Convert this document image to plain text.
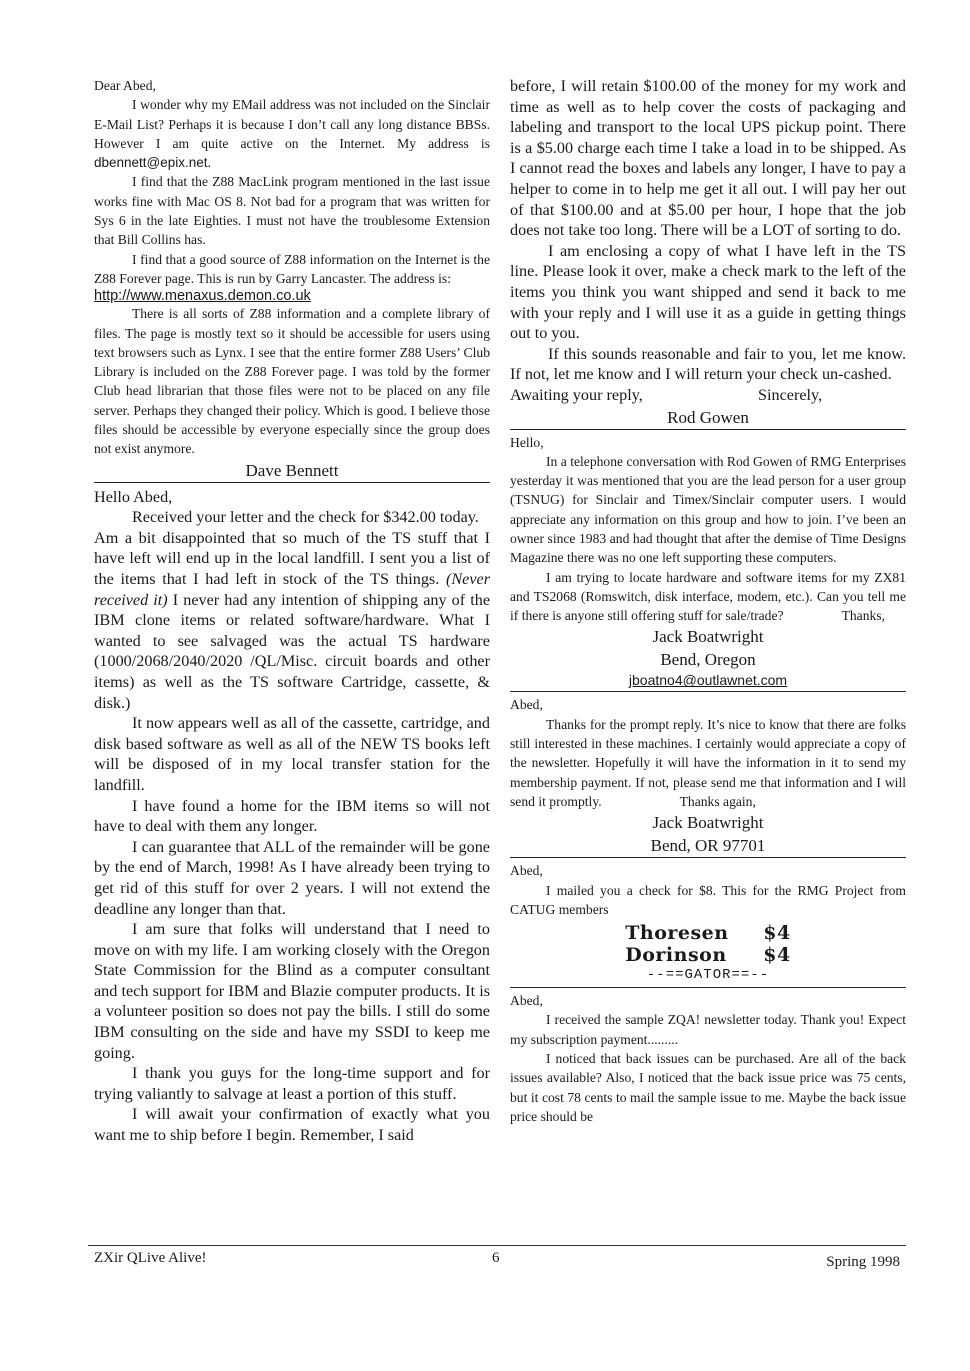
Dear Abed,

I wonder why my EMail address was not included on the Sinclair E-Mail List? Perhaps it is because I don’t call any long distance BBSs. However I am quite active on the Internet. My address is dbennett@epix.net.

I find that the Z88 MacLink program mentioned in the last issue works fine with Mac OS 8. Not bad for a program that was written for Sys 6 in the late Eighties. I must not have the troublesome Extension that Bill Collins has.

I find that a good source of Z88 information on the Internet is the Z88 Forever page. This is run by Garry Lancaster. The address is:

http://www.menaxus.demon.co.uk

There is all sorts of Z88 information and a complete library of files. The page is mostly text so it should be accessible for users using text browsers such as Lynx. I see that the entire former Z88 Users’ Club Library is included on the Z88 Forever page. I was told by the former Club head librarian that those files were not to be placed on any file server. Perhaps they changed their policy. Which is good. I believe those files should be accessible by everyone especially since the group does not exist anymore.

Dave Bennett

Hello Abed,

Received your letter and the check for $342.00 today.

Am a bit disappointed that so much of the TS stuff that I have left will end up in the local landfill. I sent you a list of the items that I had left in stock of the TS things. (Never received it) I never had any intention of shipping any of the IBM clone items or related software/hardware. What I wanted to see salvaged was the actual TS hardware (1000/2068/2040/2020 /QL/Misc. circuit boards and other items) as well as the TS software Cartridge, cassette, & disk.)

It now appears well as all of the cassette, cartridge, and disk based software as well as all of the NEW TS books left will be disposed of in my local transfer station for the landfill.

I have found a home for the IBM items so will not have to deal with them any longer.

I can guarantee that ALL of the remainder will be gone by the end of March, 1998! As I have already been trying to get rid of this stuff for over 2 years. I will not extend the deadline any longer than that.

I am sure that folks will understand that I need to move on with my life. I am working closely with the Oregon State Commission for the Blind as a computer consultant and tech support for IBM and Blazie computer products. It is a volunteer position so does not pay the bills. I still do some IBM consulting on the side and have my SSDI to keep me going.

I thank you guys for the long-time support and for trying valiantly to salvage at least a portion of this stuff.

I will await your confirmation of exactly what you want me to ship before I begin. Remember, I said

before, I will retain $100.00 of the money for my work and time as well as to help cover the costs of packaging and labeling and transport to the local UPS pickup point. There is a $5.00 charge each time I take a load in to be shipped. As I cannot read the boxes and labels any longer, I have to pay a helper to come in to help me get it all out. I will pay her out of that $100.00 and at $5.00 per hour, I hope that the job does not take too long. There will be a LOT of sorting to do.

I am enclosing a copy of what I have left in the TS line. Please look it over, make a check mark to the left of the items you think you want shipped and send it back to me with your reply and I will use it as a guide in getting things out to you.

If this sounds reasonable and fair to you, let me know. If not, let me know and I will return your check un-cashed.

Awaiting your reply,	Sincerely,
Rod Gowen

Hello,

In a telephone conversation with Rod Gowen of RMG Enterprises yesterday it was mentioned that you are the lead person for a user group (TSNUG) for Sinclair and Timex/Sinclair computer users. I would appreciate any information on this group and how to join. I’ve been an owner since 1983 and had thought that after the demise of Time Designs Magazine there was no one left supporting these computers.

I am trying to locate hardware and software items for my ZX81 and TS2068 (Romswitch, disk interface, modem, etc.). Can you tell me if there is anyone still offering stuff for sale/trade?	Thanks,

Jack Boatwright
Bend, Oregon
jboatno4@outlawnet.com

Abed,

Thanks for the prompt reply. It’s nice to know that there are folks still interested in these machines. I certainly would appreciate a copy of the newsletter. Hopefully it will have the information in it to send my membership payment. If not, please send me that information and I will send it promptly.	Thanks again,

Jack Boatwright
Bend, OR 97701

Abed,

I mailed you a check for $8. This for the RMG Project from CATUG members

Thoresen $4
Dorinson	$4
--==GATOR==--

Abed,

I received the sample ZQA! newsletter today. Thank you! Expect my subscription payment.........

I noticed that back issues can be purchased. Are all of the back issues available? Also, I noticed that the back issue price was 75 cents, but it cost 78 cents to mail the sample issue to me. Maybe the back issue price should be

ZXir QLive Alive!	6	Spring 1998
